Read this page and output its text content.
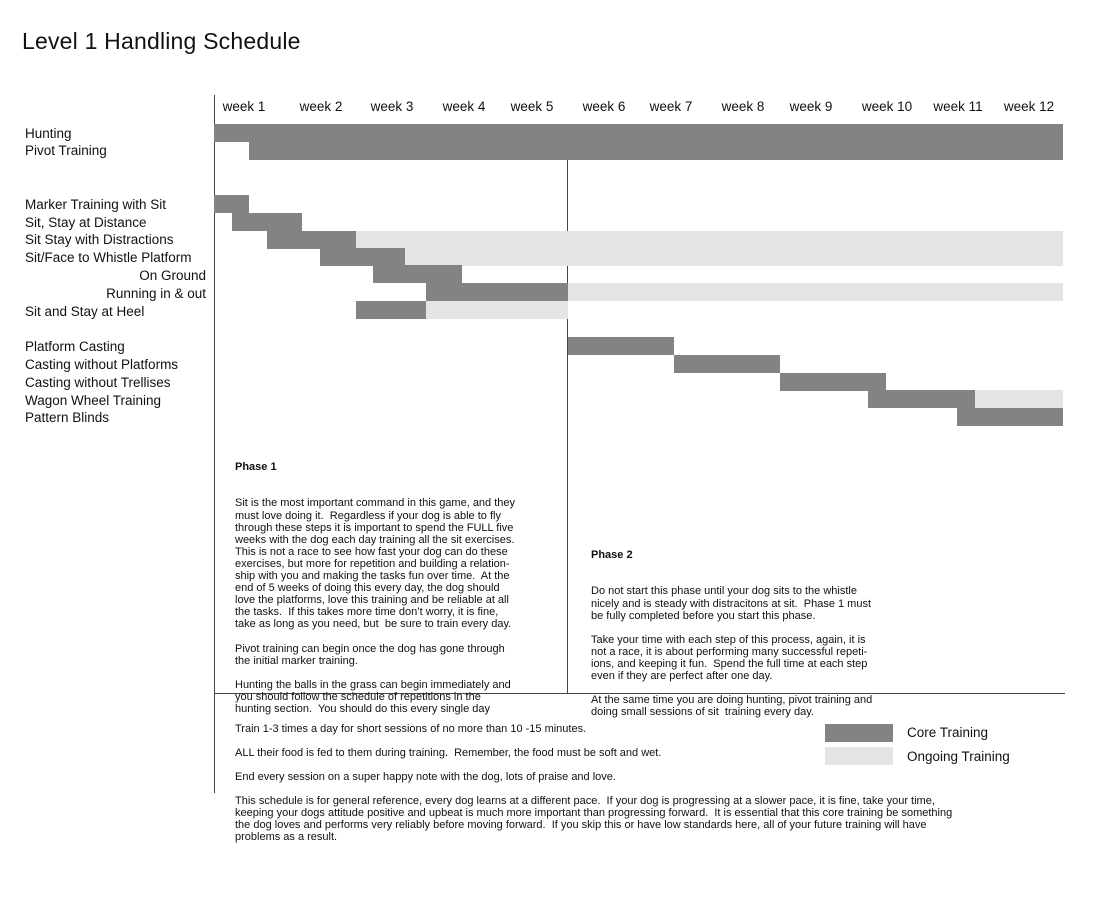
Level 1 Handling Schedule
week 1	week 2 week 3 week 4 week 5 week 6 week 7 week 8 week 9 week 10 week 11 week 12
Hunting
Pivot Training
Marker Training with Sit
Sit, Stay at Distance
Sit Stay with Distractions
Sit/Face to Whistle Platform
On Ground
Running in & out
Sit and Stay at Heel
Platform Casting
Casting without Platforms
Casting without Trellises
Wagon Wheel Training
Pattern Blinds

Phase 1

Sit is the most important command in this game, and they
must love doing it.  Regardless if your dog is able to fly
through these steps it is important to spend the FULL five
weeks with the dog each day training all the sit exercises.
This is not a race to see how fast your dog can do these
exercises, but more for repetition and building a relation-
ship with you and making the tasks fun over time.  At the
end of 5 weeks of doing this every day, the dog should
love the platforms, love this training and be reliable at all
the tasks.  If this takes more time don’t worry, it is fine,
take as long as you need, but  be sure to train every day.

Pivot training can begin once the dog has gone through
the initial marker training.

Hunting the balls in the grass can begin immediately and
you should follow the schedule of repetitions in the
hunting section.  You should do this every single day

Phase 2

Do not start this phase until your dog sits to the whistle
nicely and is steady with distracitons at sit.  Phase 1 must
be fully completed before you start this phase.

Take your time with each step of this process, again, it is
not a race, it is about performing many successful repeti-
ions, and keeping it fun.  Spend the full time at each step
even if they are perfect after one day.

At the same time you are doing hunting, pivot training and
doing small sessions of sit  training every day.

Train 1-3 times a day for short sessions of no more than 10 -15 minutes.
ALL their food is fed to them during training.  Remember, the food must be soft and wet.
End every session on a super happy note with the dog, lots of praise and love.
This schedule is for general reference, every dog learns at a different pace.  If your dog is progressing at a slower pace, it is fine, take your time,
keeping your dogs attitude positive and upbeat is much more important than progressing forward.  It is essential that this core training be something
the dog loves and performs very reliably before moving forward.  If you skip this or have low standards here, all of your future training will have
problems as a result.
Core Training
Ongoing Training
